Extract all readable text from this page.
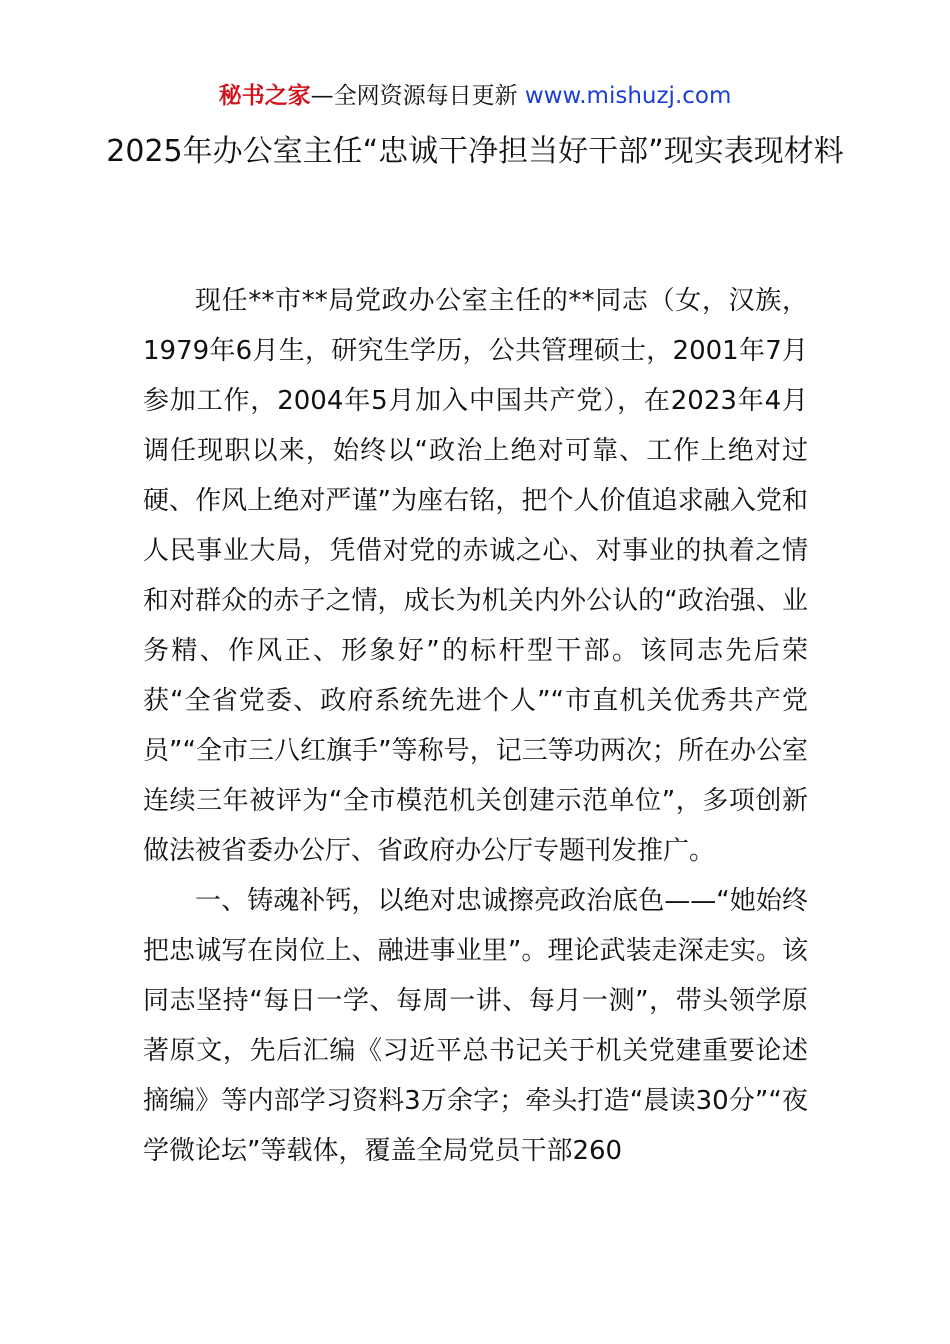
秘书之家—全网资源每日更新 www.mishuzj.com
2025年办公室主任“忠诚干净担当好干部”现实表现材料

现任**市**局党政办公室主任的**同志（女，汉族，1979年6月生，研究生学历，公共管理硕士，2001年7月参加工作，2004年5月加入中国共产党），在2023年4月调任现职以来，始终以“政治上绝对可靠、工作上绝对过硬、作风上绝对严谨”为座右铭，把个人价值追求融入党和人民事业大局，凭借对党的赤诚之心、对事业的执着之情和对群众的赤子之情，成长为机关内外公认的“政治强、业务精、作风正、形象好”的标杆型干部。该同志先后荣获“全省党委、政府系统先进个人”“市直机关优秀共产党员”“全市三八红旗手”等称号，记三等功两次；所在办公室连续三年被评为“全市模范机关创建示范单位”，多项创新做法被省委办公厅、省政府办公厅专题刊发推广。

一、铸魂补钙，以绝对忠诚擦亮政治底色——“她始终把忠诚写在岗位上、融进事业里”。理论武装走深走实。该同志坚持“每日一学、每周一讲、每月一测”，带头领学原著原文，先后汇编《习近平总书记关于机关党建重要论述摘编》等内部学习资料3万余字；牵头打造“晨读30分”“夜学微论坛”等载体，覆盖全局党员干部260
